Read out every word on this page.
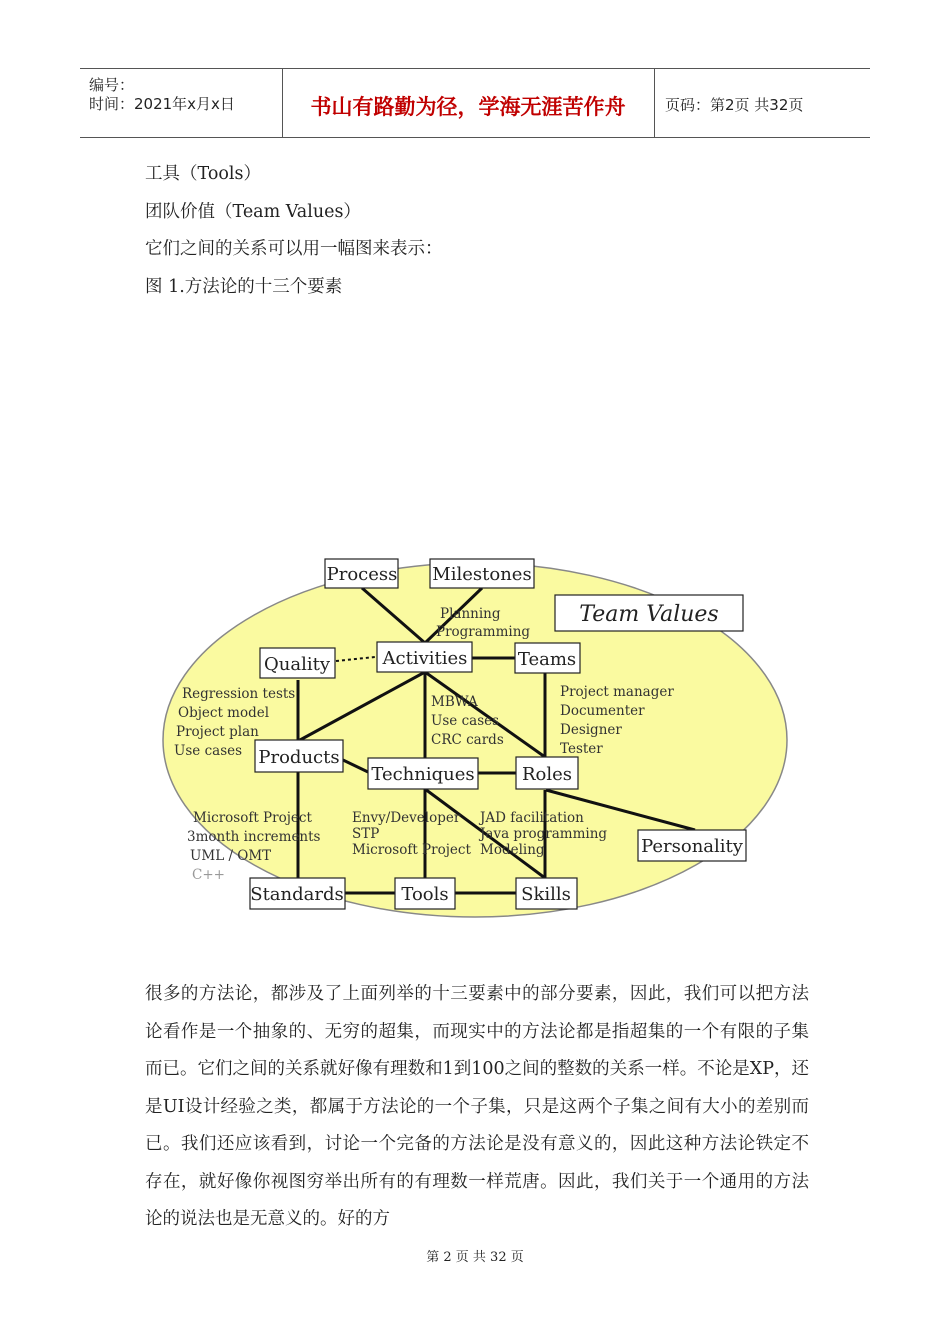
编号：
时间：2021年x月x日	书山有路勤为径，学海无涯苦作舟	页码：第2页 共32页
工具（Tools）
团队价值（Team Values）
它们之间的关系可以用一幅图来表示：
图 1.方法论的十三个要素
Process Milestones
Team Values
Quality	Activities	Teams
Products
Techniques	Roles
Personality
Standards	Tools	Skills
Planning
Programming
Regression tests
Object model
Project plan
Use cases
MBWA
Use cases
CRC cards
Project manager
Documenter
Designer
Tester
Microsoft Project
3month increments
UML / OMT
C++
Envy/Developer
STP
Microsoft Project
JAD facilitation
Java programming
Modeling
很多的方法论，都涉及了上面列举的十三要素中的部分要素，因此，我们可以把方法论看作是一个抽象的、无穷的超集，而现实中的方法论都是指超集的一个有限的子集而已。它们之间的关系就好像有理数和1到100之间的整数的关系一样。不论是XP，还是UI设计经验之类，都属于方法论的一个子集，只是这两个子集之间有大小的差别而已。我们还应该看到，讨论一个完备的方法论是没有意义的，因此这种方法论铁定不存在，就好像你视图穷举出所有的有理数一样荒唐。因此，我们关于一个通用的方法论的说法也是无意义的。好的方
第 2 页 共 32 页
